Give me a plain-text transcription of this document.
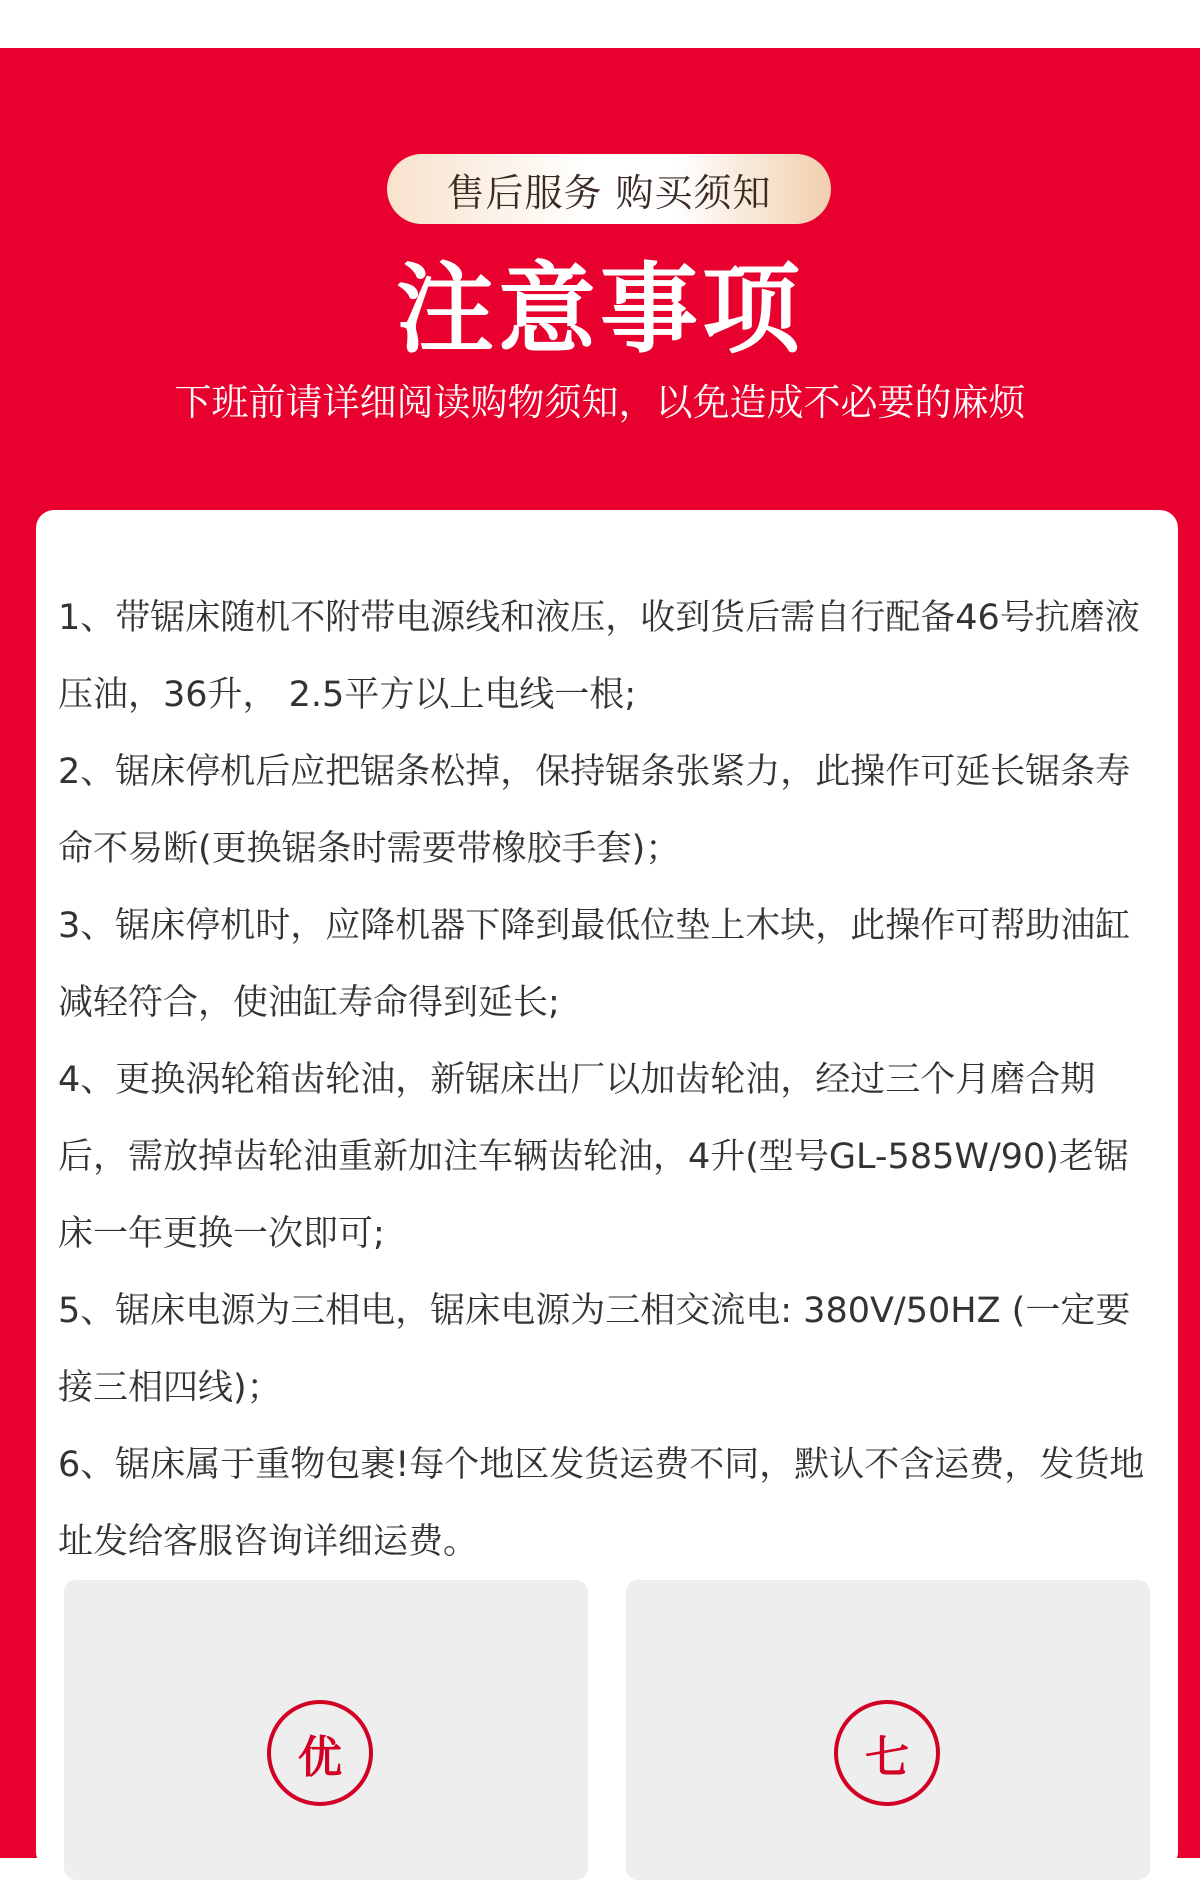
售后服务 购买须知
注意事项
下班前请详细阅读购物须知，以免造成不必要的麻烦
1、带锯床随机不附带电源线和液压，收到货后需自行配备46号抗磨液压油，36升， 2.5平方以上电线一根;
2、锯床停机后应把锯条松掉，保持锯条张紧力，此操作可延长锯条寿命不易断(更换锯条时需要带橡胶手套)；
3、锯床停机时，应降机器下降到最低位垫上木块，此操作可帮助油缸减轻符合，使油缸寿命得到延长;
4、更换涡轮箱齿轮油，新锯床出厂以加齿轮油，经过三个月磨合期后，需放掉齿轮油重新加注车辆齿轮油，4升(型号GL-585W/90)老锯床一年更换一次即可;
5、锯床电源为三相电，锯床电源为三相交流电: 380V/50HZ (一定要接三相四线)；
6、锯床属于重物包裹!每个地区发货运费不同，默认不含运费，发货地址发给客服咨询详细运费。
优	七
